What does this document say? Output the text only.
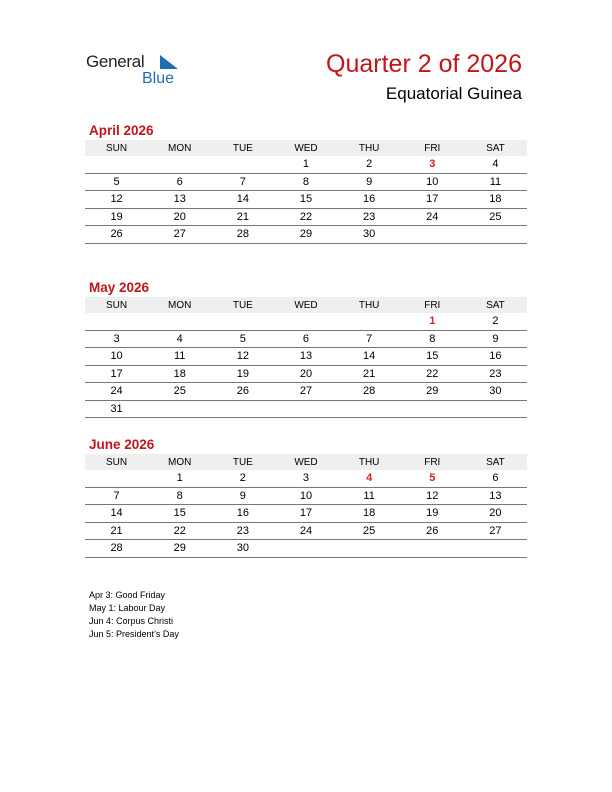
General
Blue
Quarter 2 of 2026
Equatorial Guinea
April 2026
SUN	MON	TUE	WED	THU	FRI	SAT
			1	2	3	4
5	6	7	8	9	10	11
12	13	14	15	16	17	18
19	20	21	22	23	24	25
26	27	28	29	30		
May 2026
SUN	MON	TUE	WED	THU	FRI	SAT
					1	2
3	4	5	6	7	8	9
10	11	12	13	14	15	16
17	18	19	20	21	22	23
24	25	26	27	28	29	30
31						
June 2026
SUN	MON	TUE	WED	THU	FRI	SAT
	1	2	3	4	5	6
7	8	9	10	11	12	13
14	15	16	17	18	19	20
21	22	23	24	25	26	27
28	29	30				
Apr 3: Good Friday
May 1: Labour Day
Jun 4: Corpus Christi
Jun 5: President’s Day
